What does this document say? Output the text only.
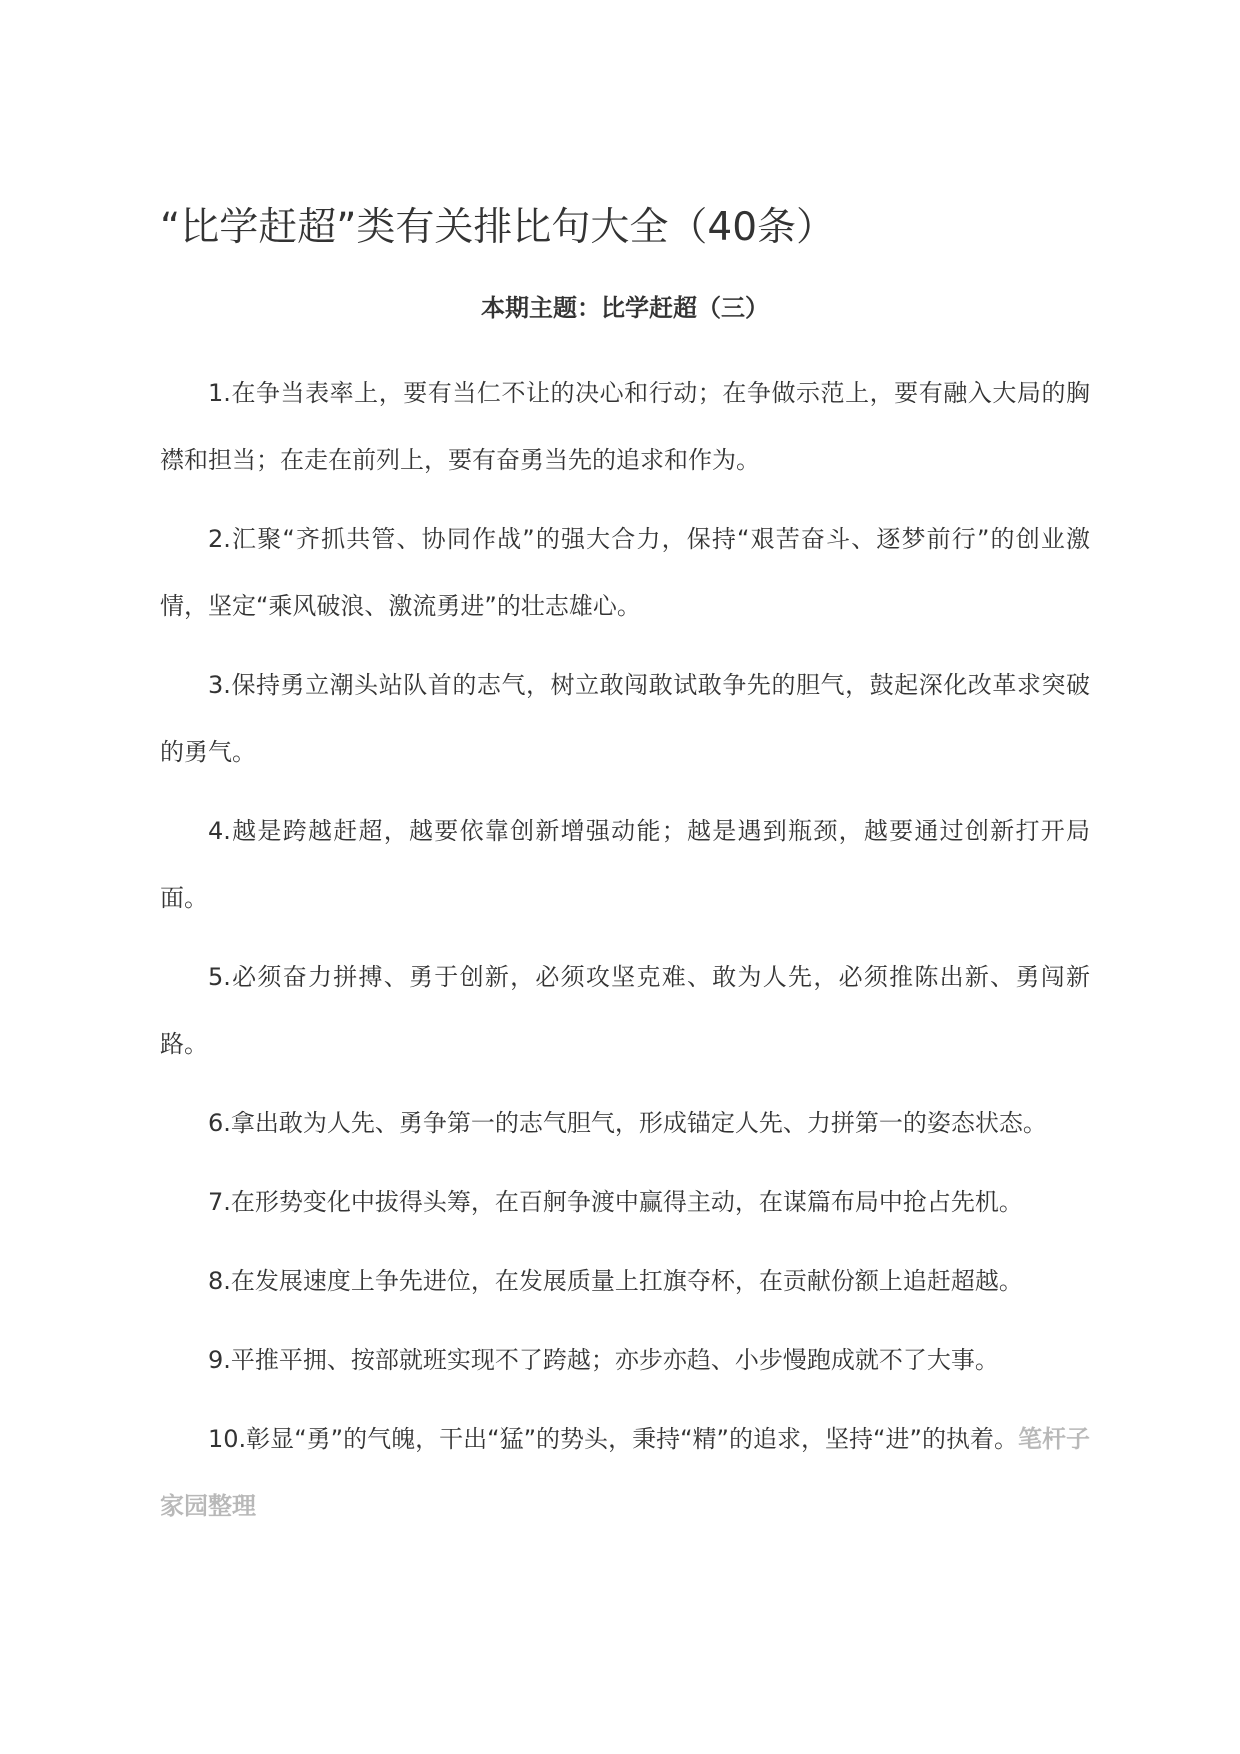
“比学赶超”类有关排比句大全（40条）

本期主题：比学赶超（三）

1.在争当表率上，要有当仁不让的决心和行动；在争做示范上，要有融入大局的胸襟和担当；在走在前列上，要有奋勇当先的追求和作为。

2.汇聚“齐抓共管、协同作战”的强大合力，保持“艰苦奋斗、逐梦前行”的创业激情，坚定“乘风破浪、激流勇进”的壮志雄心。

3.保持勇立潮头站队首的志气，树立敢闯敢试敢争先的胆气，鼓起深化改革求突破的勇气。

4.越是跨越赶超，越要依靠创新增强动能；越是遇到瓶颈，越要通过创新打开局面。

5.必须奋力拼搏、勇于创新，必须攻坚克难、敢为人先，必须推陈出新、勇闯新路。

6.拿出敢为人先、勇争第一的志气胆气，形成锚定人先、力拼第一的姿态状态。

7.在形势变化中拔得头筹，在百舸争渡中赢得主动，在谋篇布局中抢占先机。

8.在发展速度上争先进位，在发展质量上扛旗夺杯，在贡献份额上追赶超越。

9.平推平拥、按部就班实现不了跨越；亦步亦趋、小步慢跑成就不了大事。

10.彰显“勇”的气魄，干出“猛”的势头，秉持“精”的追求，坚持“进”的执着。笔杆子家园整理
